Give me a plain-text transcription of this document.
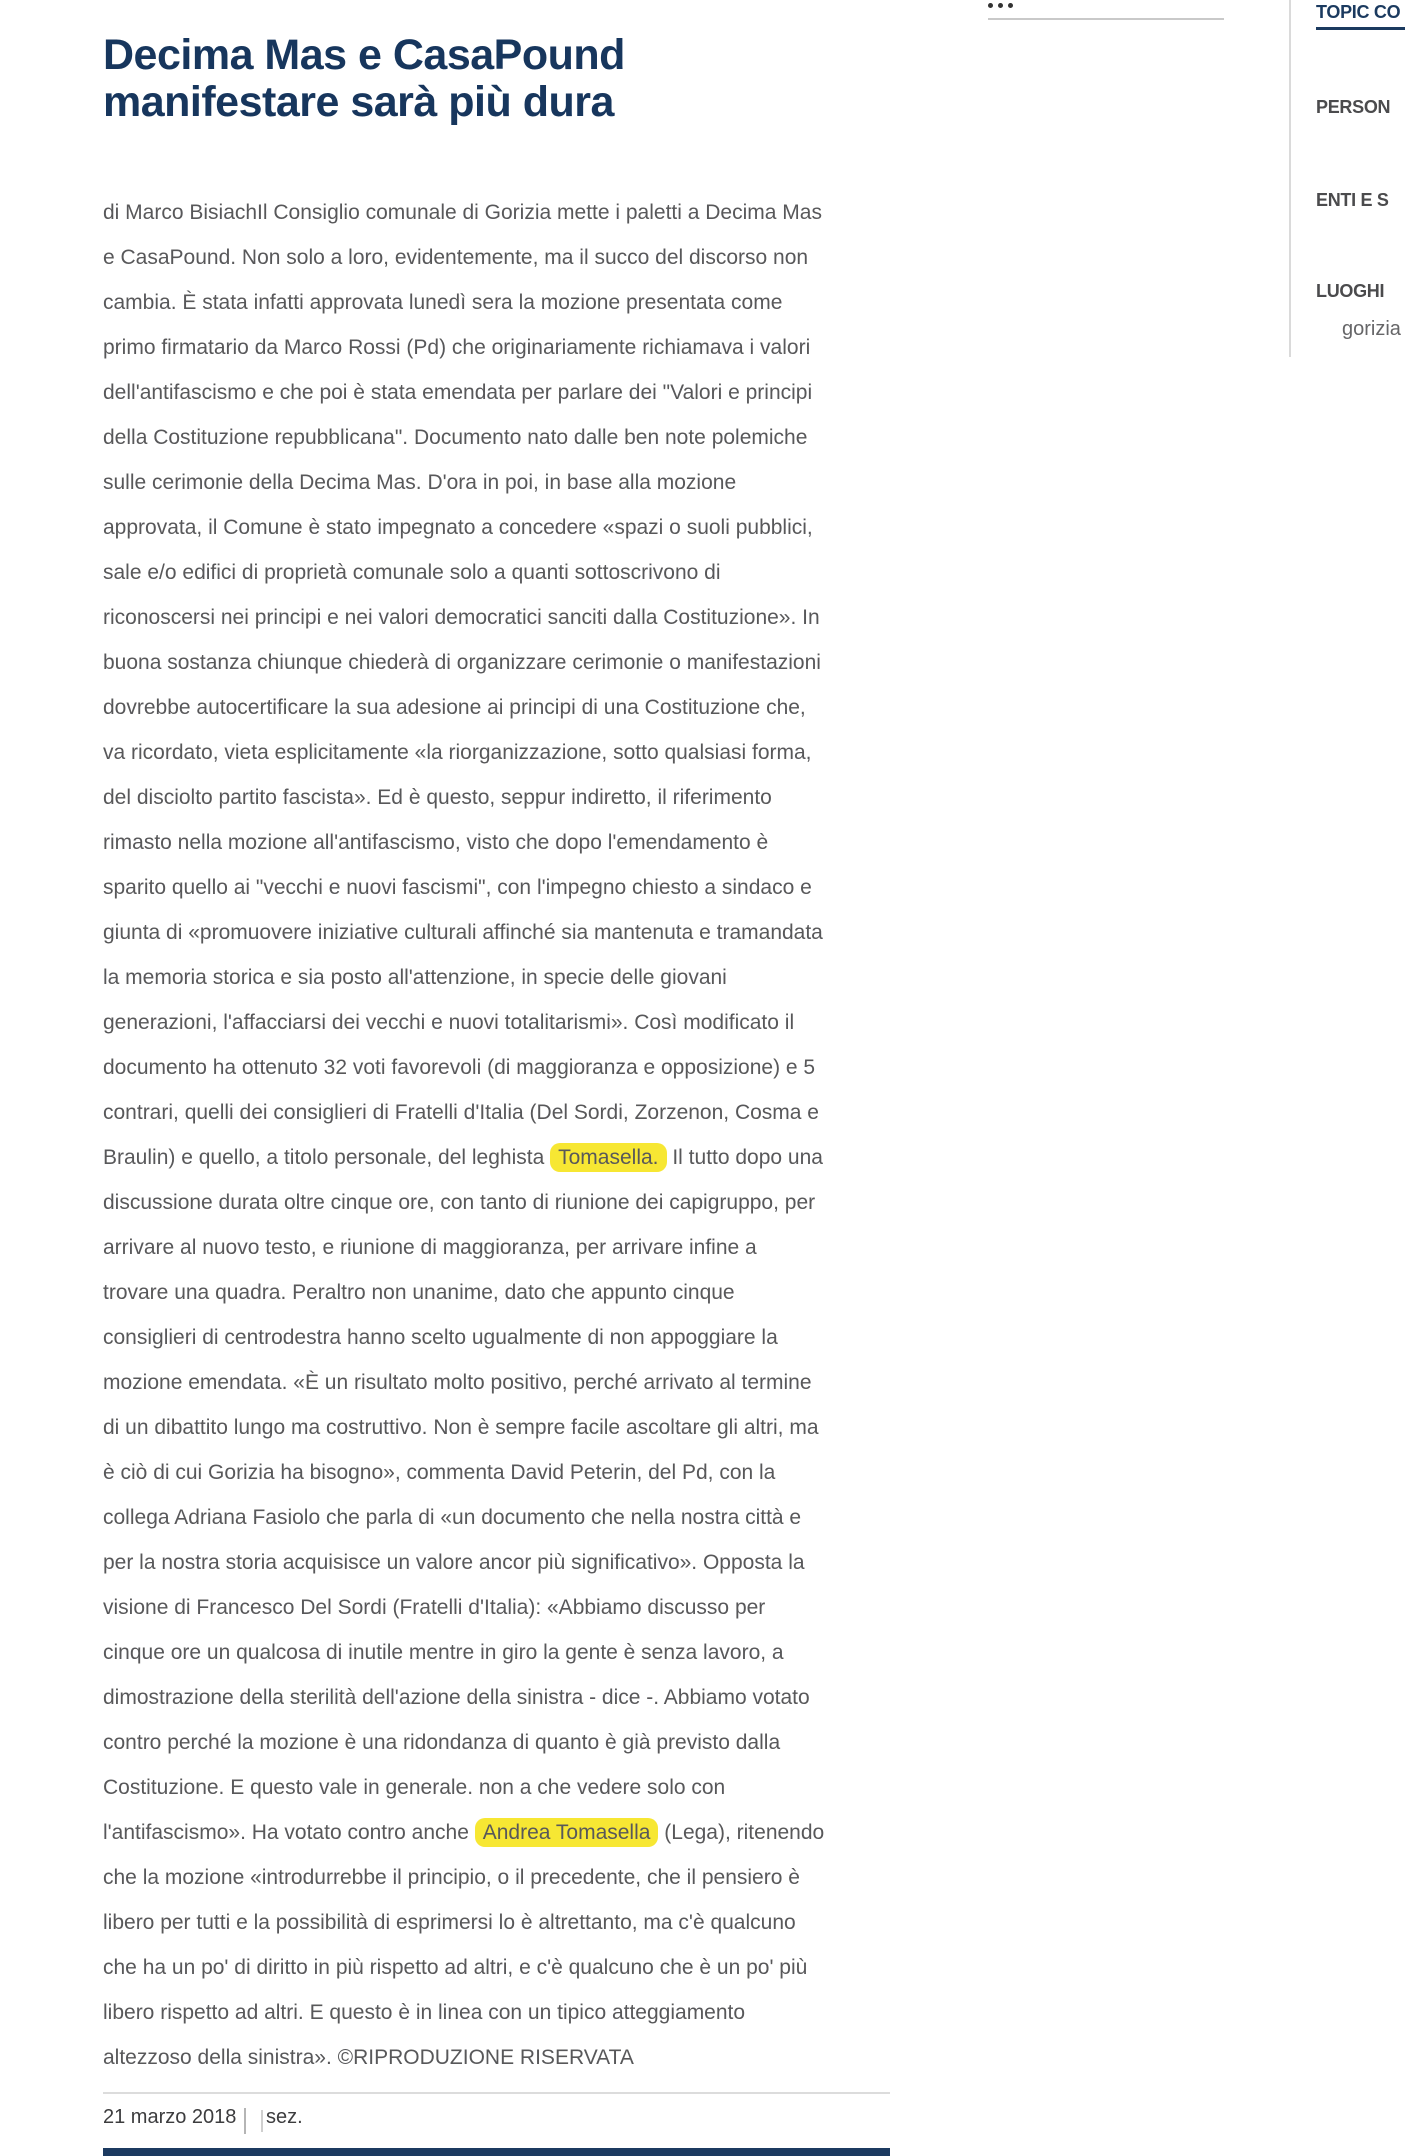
Decima Mas e CasaPound
manifestare sarà più dura
di Marco BisiachIl Consiglio comunale di Gorizia mette i paletti a Decima Mas
e CasaPound. Non solo a loro, evidentemente, ma il succo del discorso non
cambia. È stata infatti approvata lunedì sera la mozione presentata come
primo firmatario da Marco Rossi (Pd) che originariamente richiamava i valori
dell'antifascismo e che poi è stata emendata per parlare dei "Valori e principi
della Costituzione repubblicana". Documento nato dalle ben note polemiche
sulle cerimonie della Decima Mas. D'ora in poi, in base alla mozione
approvata, il Comune è stato impegnato a concedere «spazi o suoli pubblici,
sale e/o edifici di proprietà comunale solo a quanti sottoscrivono di
riconoscersi nei principi e nei valori democratici sanciti dalla Costituzione». In
buona sostanza chiunque chiederà di organizzare cerimonie o manifestazioni
dovrebbe autocertificare la sua adesione ai principi di una Costituzione che,
va ricordato, vieta esplicitamente «la riorganizzazione, sotto qualsiasi forma,
del disciolto partito fascista». Ed è questo, seppur indiretto, il riferimento
rimasto nella mozione all'antifascismo, visto che dopo l'emendamento è
sparito quello ai "vecchi e nuovi fascismi", con l'impegno chiesto a sindaco e
giunta di «promuovere iniziative culturali affinché sia mantenuta e tramandata
la memoria storica e sia posto all'attenzione, in specie delle giovani
generazioni, l'affacciarsi dei vecchi e nuovi totalitarismi». Così modificato il
documento ha ottenuto 32 voti favorevoli (di maggioranza e opposizione) e 5
contrari, quelli dei consiglieri di Fratelli d'Italia (Del Sordi, Zorzenon, Cosma e
Braulin) e quello, a titolo personale, del leghista Tomasella. Il tutto dopo una
discussione durata oltre cinque ore, con tanto di riunione dei capigruppo, per
arrivare al nuovo testo, e riunione di maggioranza, per arrivare infine a
trovare una quadra. Peraltro non unanime, dato che appunto cinque
consiglieri di centrodestra hanno scelto ugualmente di non appoggiare la
mozione emendata. «È un risultato molto positivo, perché arrivato al termine
di un dibattito lungo ma costruttivo. Non è sempre facile ascoltare gli altri, ma
è ciò di cui Gorizia ha bisogno», commenta David Peterin, del Pd, con la
collega Adriana Fasiolo che parla di «un documento che nella nostra città e
per la nostra storia acquisisce un valore ancor più significativo». Opposta la
visione di Francesco Del Sordi (Fratelli d'Italia): «Abbiamo discusso per
cinque ore un qualcosa di inutile mentre in giro la gente è senza lavoro, a
dimostrazione della sterilità dell'azione della sinistra - dice -. Abbiamo votato
contro perché la mozione è una ridondanza di quanto è già previsto dalla
Costituzione. E questo vale in generale. non a che vedere solo con
l'antifascismo». Ha votato contro anche Andrea Tomasella (Lega), ritenendo
che la mozione «introdurrebbe il principio, o il precedente, che il pensiero è
libero per tutti e la possibilità di esprimersi lo è altrettanto, ma c'è qualcuno
che ha un po' di diritto in più rispetto ad altri, e c'è qualcuno che è un po' più
libero rispetto ad altri. E questo è in linea con un tipico atteggiamento
altezzoso della sinistra». ©RIPRODUZIONE RISERVATA
TOPIC CO
PERSON
ENTI E S
LUOGHI
gorizia
21 marzo 2018 sez.
